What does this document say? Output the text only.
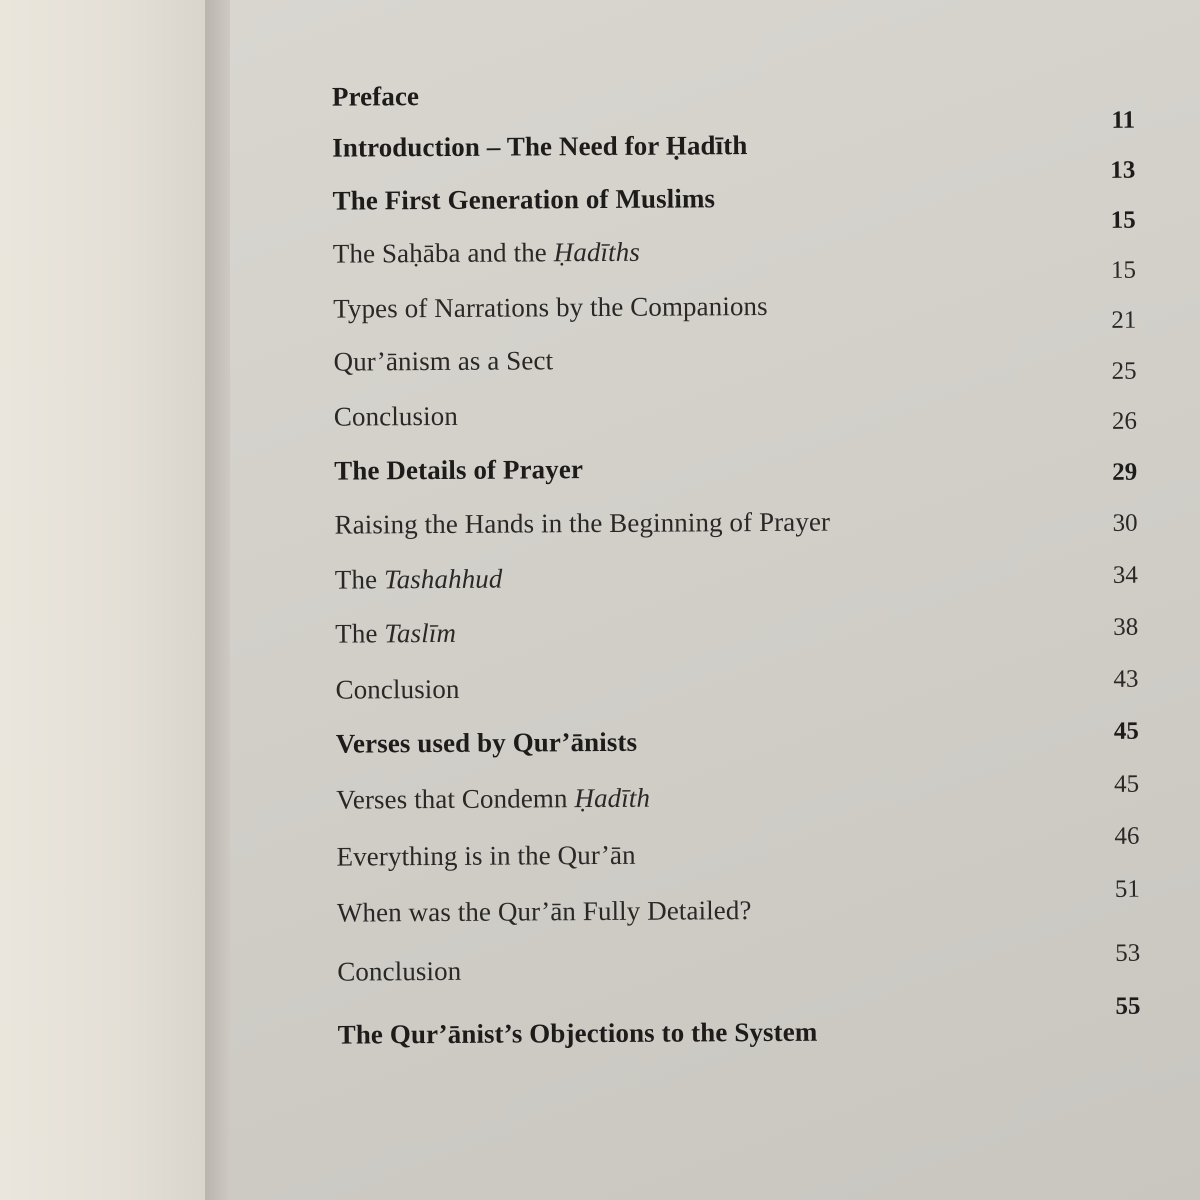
Preface
Introduction – The Need for Ḥadīth
The First Generation of Muslims
The Saḥāba and the Ḥadīths
Types of Narrations by the Companions
Qur’ānism as a Sect
Conclusion
The Details of Prayer
Raising the Hands in the Beginning of Prayer
The Tashahhud
The Taslīm
Conclusion
Verses used by Qur’ānists
Verses that Condemn Ḥadīth
Everything is in the Qur’ān
When was the Qur’ān Fully Detailed?
Conclusion
The Qur’ānist’s Objections to the System
11
13
15
15
21
25
26
29
30
34
38
43
45
45
46
51
53
55
